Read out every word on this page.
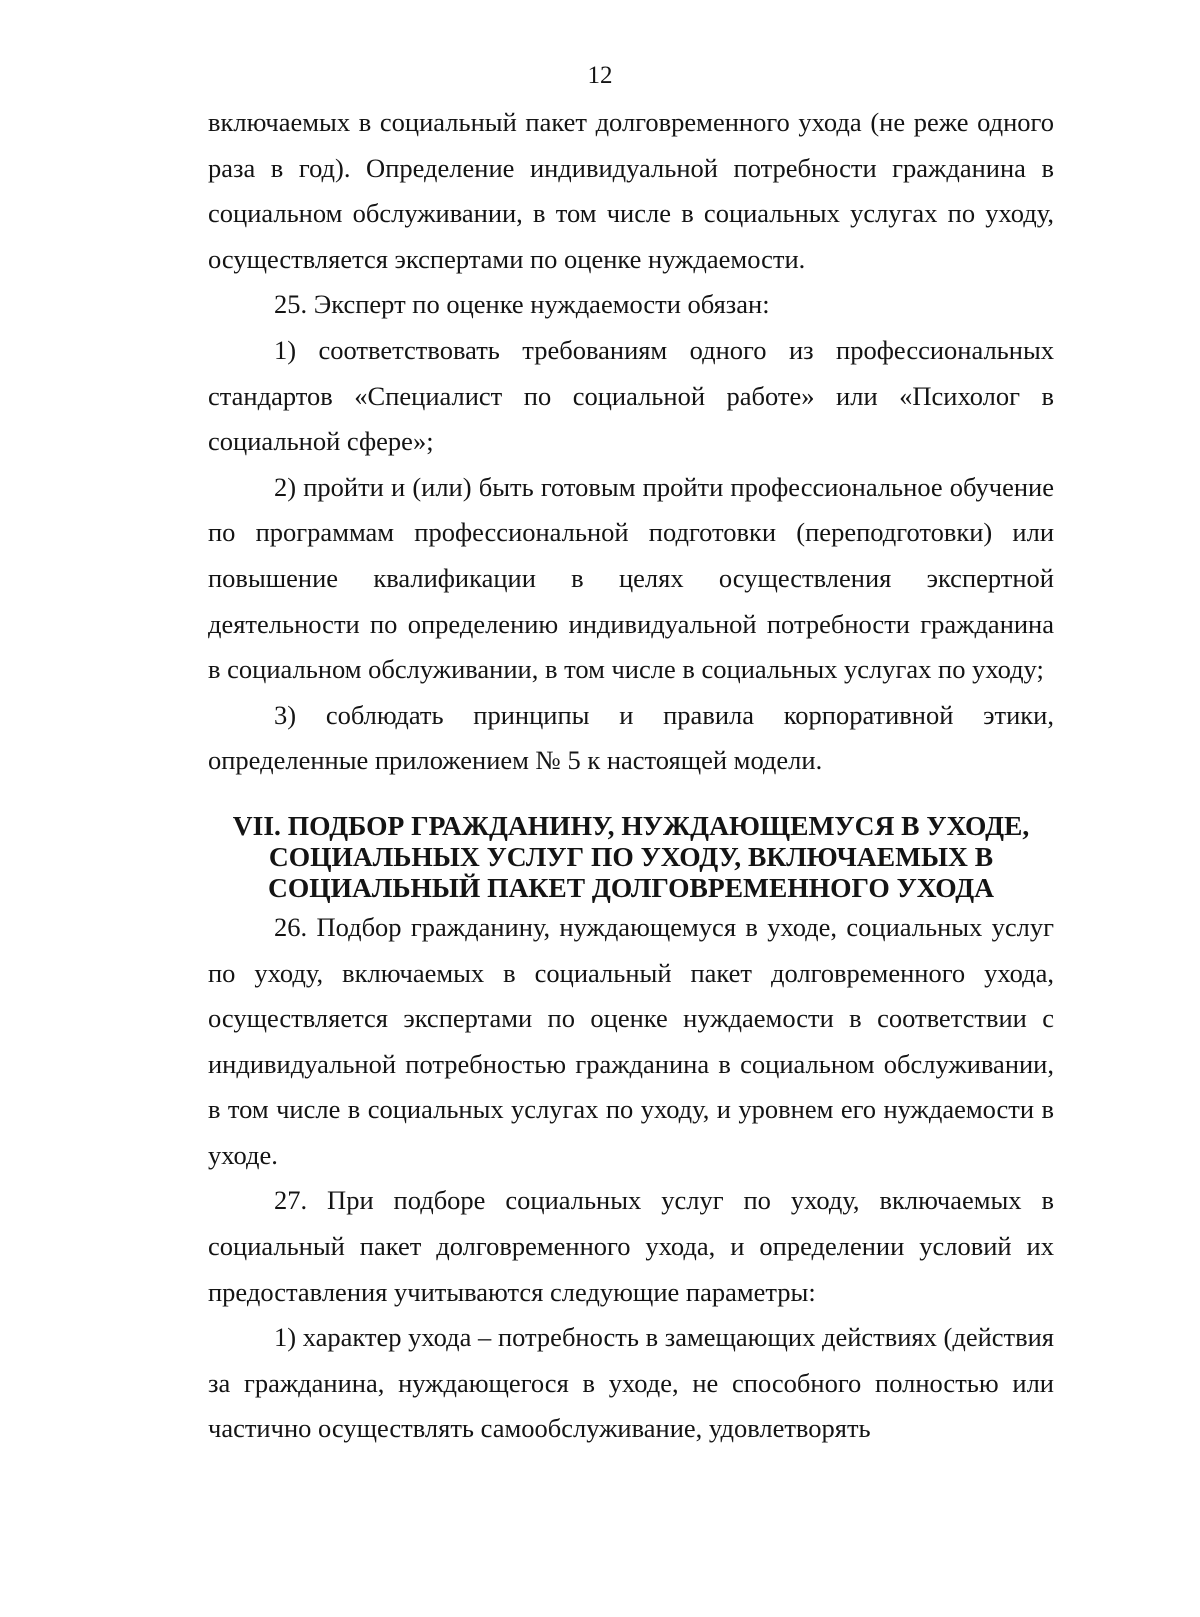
12

включаемых в социальный пакет долговременного ухода (не реже одного раза в год). Определение индивидуальной потребности гражданина в социальном обслуживании, в том числе в социальных услугах по уходу, осуществляется экспертами по оценке нуждаемости.

25. Эксперт по оценке нуждаемости обязан:

1) соответствовать требованиям одного из профессиональных стандартов «Специалист по социальной работе» или «Психолог в социальной сфере»;

2) пройти и (или) быть готовым пройти профессиональное обучение по программам профессиональной подготовки (переподготовки) или повышение квалификации в целях осуществления экспертной деятельности по определению индивидуальной потребности гражданина в социальном обслуживании, в том числе в социальных услугах по уходу;

3) соблюдать принципы и правила корпоративной этики, определенные приложением № 5 к настоящей модели.

VII. ПОДБОР ГРАЖДАНИНУ, НУЖДАЮЩЕМУСЯ В УХОДЕ,
СОЦИАЛЬНЫХ УСЛУГ ПО УХОДУ, ВКЛЮЧАЕМЫХ В
СОЦИАЛЬНЫЙ ПАКЕТ ДОЛГОВРЕМЕННОГО УХОДА

26. Подбор гражданину, нуждающемуся в уходе, социальных услуг по уходу, включаемых в социальный пакет долговременного ухода, осуществляется экспертами по оценке нуждаемости в соответствии с индивидуальной потребностью гражданина в социальном обслуживании, в том числе в социальных услугах по уходу, и уровнем его нуждаемости в уходе.

27. При подборе социальных услуг по уходу, включаемых в социальный пакет долговременного ухода, и определении условий их предоставления учитываются следующие параметры:

1) характер ухода – потребность в замещающих действиях (действия за гражданина, нуждающегося в уходе, не способного полностью или частично осуществлять самообслуживание, удовлетворять
